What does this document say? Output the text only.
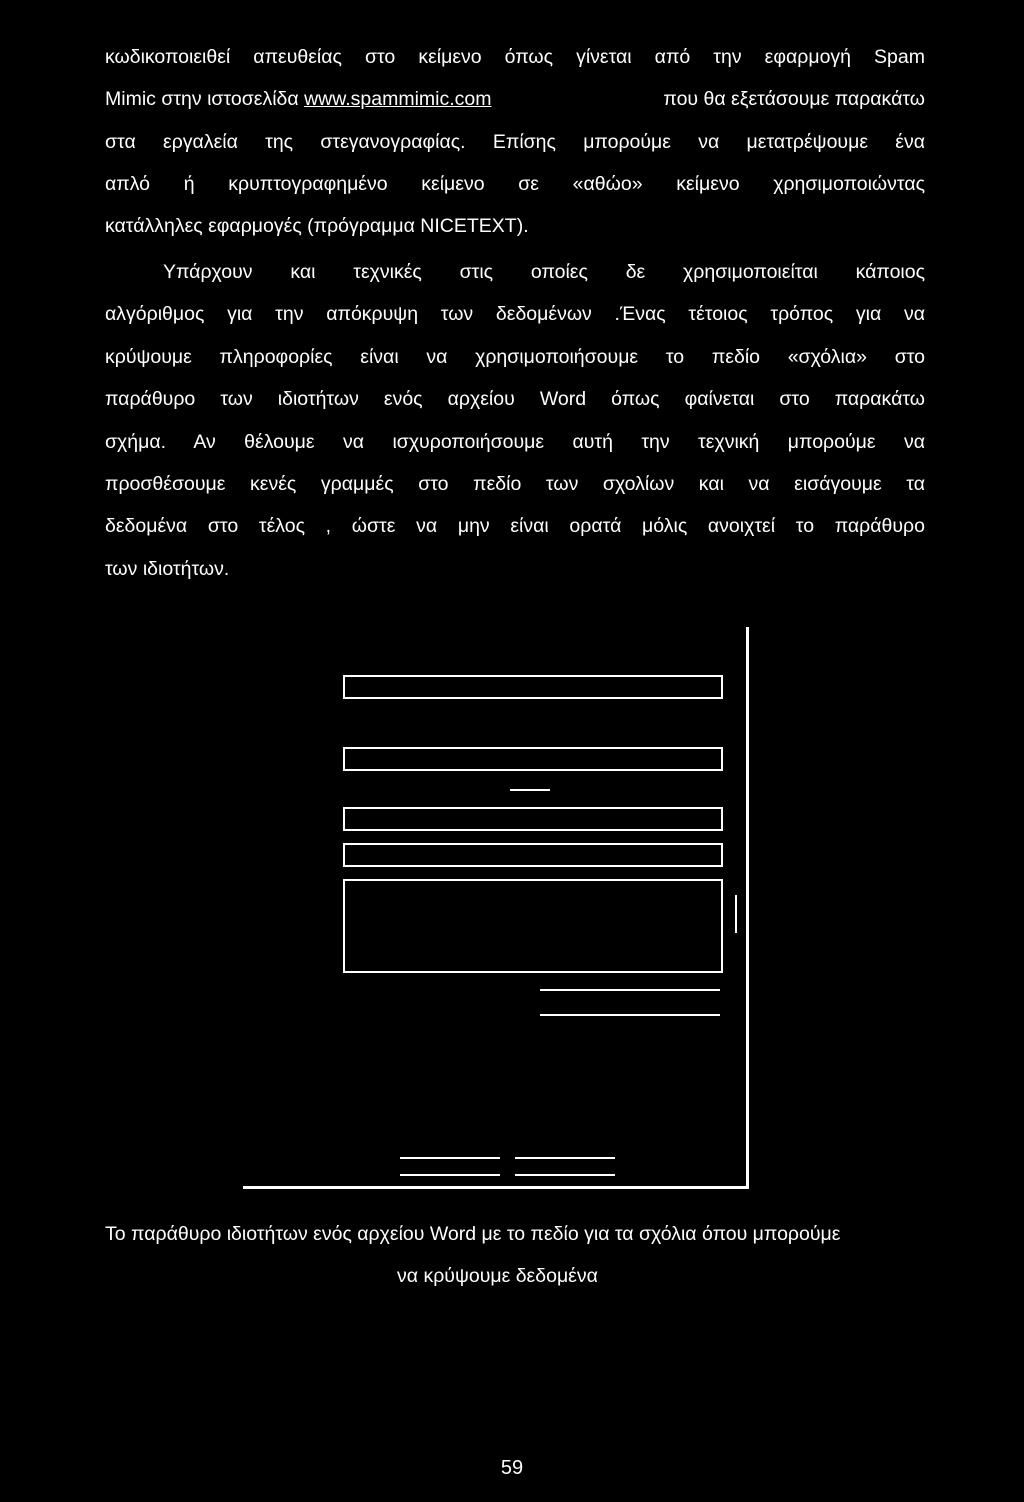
κωδικοποιειθεί απευθείας στο κείμενο όπως γίνεται από την εφαρμογή Spam
Mimic στην ιστοσελίδα www.spammimic.com	που θα εξετάσουμε παρακάτω
στα εργαλεία της στεγανογραφίας. Επίσης μπορούμε να μετατρέψουμε ένα
απλό ή κρυπτογραφημένο κείμενο σε «αθώο» κείμενο χρησιμοποιώντας
κατάλληλες εφαρμογές (πρόγραμμα NICETEXT).
Υπάρχουν και τεχνικές στις οποίες δε χρησιμοποιείται κάποιος
αλγόριθμος για την απόκρυψη των δεδομένων .Ένας τέτοιος τρόπος για να
κρύψουμε πληροφορίες είναι να χρησιμοποιήσουμε το πεδίο «σχόλια» στο
παράθυρο των ιδιοτήτων ενός αρχείου Word όπως φαίνεται στο παρακάτω
σχήμα. Αν θέλουμε να ισχυροποιήσουμε αυτή την τεχνική μπορούμε να
προσθέσουμε κενές γραμμές στο πεδίο των σχολίων και να εισάγουμε τα
δεδομένα στο τέλος , ώστε να μην είναι ορατά μόλις ανοιχτεί το παράθυρο
των ιδιοτήτων.
Το παράθυρο ιδιοτήτων ενός αρχείου Word με το πεδίο για τα σχόλια όπου μπορούμε
να κρύψουμε δεδομένα
59
